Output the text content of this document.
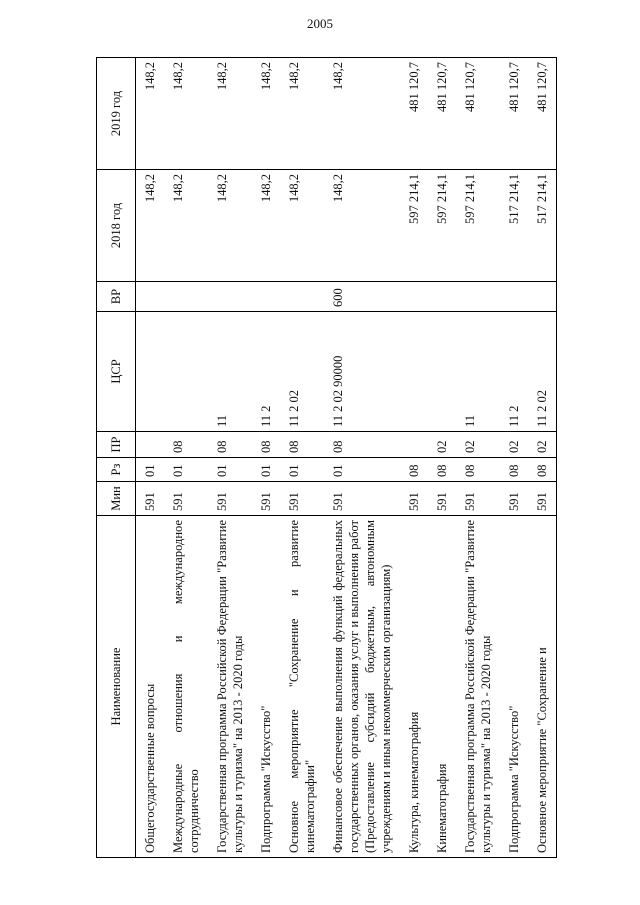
2005
Наименование	Мин	Рз	ПР	ЦСР	ВР	2018 год	2019 год
Общегосударственные вопросы	591	01				148,2	148,2
Международные отношения и международное сотрудничество	591	01	08			148,2	148,2
Государственная программа Российской Федерации "Развитие культуры и туризма" на 2013 - 2020 годы	591	01	08	11		148,2	148,2
Подпрограмма "Искусство"	591	01	08	11 2		148,2	148,2
Основное мероприятие "Сохранение и развитие кинематографии"	591	01	08	11 2 02		148,2	148,2
Финансовое обеспечение выполнения функций федеральных государственных органов, оказания услуг и выполнения работ (Предоставление субсидий бюджетным, автономным учреждениям и иным некоммерческим организациям)	591	01	08	11 2 02 90000	600	148,2	148,2
Культура, кинематография	591	08				597 214,1	481 120,7
Кинематография	591	08	02			597 214,1	481 120,7
Государственная программа Российской Федерации "Развитие культуры и туризма" на 2013 - 2020 годы	591	08	02	11		597 214,1	481 120,7
Подпрограмма "Искусство"	591	08	02	11 2		517 214,1	481 120,7
Основное мероприятие "Сохранение и	591	08	02	11 2 02		517 214,1	481 120,7
